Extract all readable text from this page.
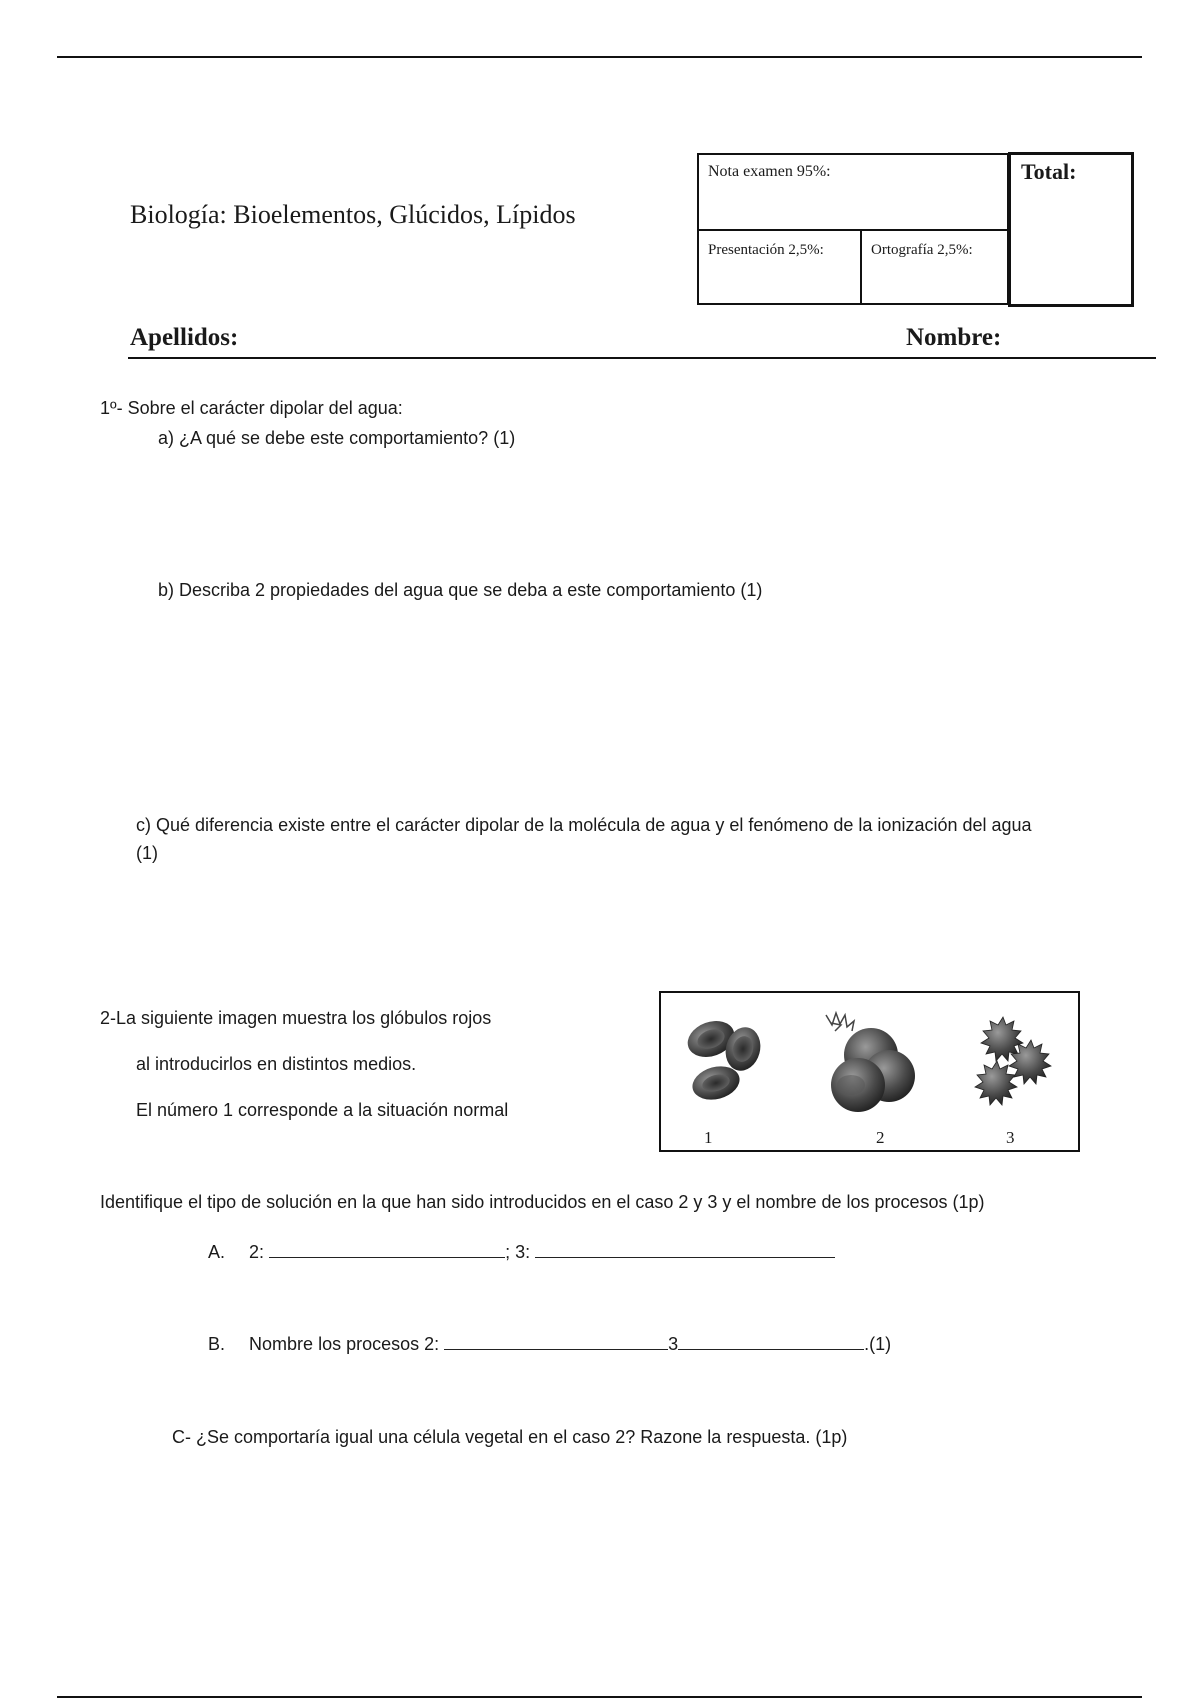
Biología: Bioelementos, Glúcidos, Lípidos
Nota examen 95%:
Presentación 2,5%:	Ortografía 2,5%:
Total:
Apellidos:	Nombre:
1º- Sobre el carácter dipolar del agua:
a) ¿A qué se debe este comportamiento? (1)
b) Describa 2 propiedades del agua que se deba a este comportamiento (1)
c) Qué diferencia existe entre el carácter dipolar de la molécula de agua y el fenómeno de la ionización del agua
(1)
2-La siguiente imagen muestra los glóbulos rojos
al introducirlos en distintos medios.
El número 1 corresponde a la situación normal
1	2	3
Identifique el tipo de solución en la que han sido introducidos en el caso 2 y 3 y el nombre de los procesos (1p)
A. 2:	; 3:
B. Nombre los procesos 2:	3	.(1)
C- ¿Se comportaría igual una célula vegetal en el caso 2? Razone la respuesta. (1p)
